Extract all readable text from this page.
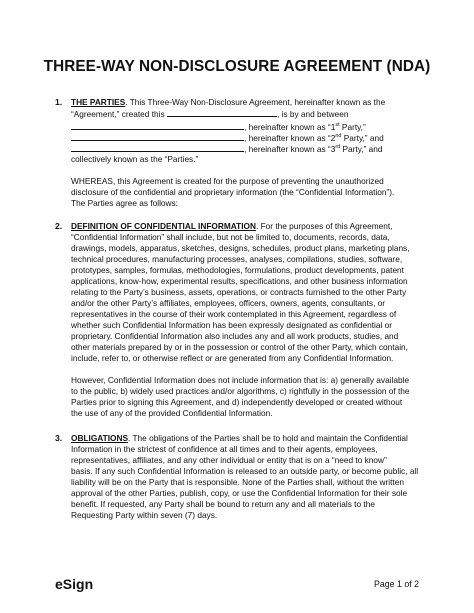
THREE-WAY NON-DISCLOSURE AGREEMENT (NDA)
1. THE PARTIES. This Three-Way Non-Disclosure Agreement, hereinafter known as the
“Agreement,” created this	, is by and between
, hereinafter known as “1st Party,”
, hereinafter known as “2nd Party,” and
, hereinafter known as “3rd Party,” and
collectively known as the “Parties.”
WHEREAS, this Agreement is created for the purpose of preventing the unauthorized
disclosure of the confidential and proprietary information (the “Confidential Information”).
The Parties agree as follows:
2. DEFINITION OF CONFIDENTIAL INFORMATION. For the purposes of this Agreement,
“Confidential Information” shall include, but not be limited to, documents, records, data,
drawings, models, apparatus, sketches, designs, schedules, product plans, marketing plans,
technical procedures, manufacturing processes, analyses, compilations, studies, software,
prototypes, samples, formulas, methodologies, formulations, product developments, patent
applications, know-how, experimental results, specifications, and other business information
relating to the Party’s business, assets, operations, or contracts furnished to the other Party
and/or the other Party’s affiliates, employees, officers, owners, agents, consultants, or
representatives in the course of their work contemplated in this Agreement, regardless of
whether such Confidential Information has been expressly designated as confidential or
proprietary. Confidential Information also includes any and all work products, studies, and
other materials prepared by or in the possession or control of the other Party, which contain,
include, refer to, or otherwise reflect or are generated from any Confidential Information.
However, Confidential Information does not include information that is: a) generally available
to the public, b) widely used practices and/or algorithms, c) rightfully in the possession of the
Parties prior to signing this Agreement, and d) independently developed or created without
the use of any of the provided Confidential Information.
3. OBLIGATIONS. The obligations of the Parties shall be to hold and maintain the Confidential
Information in the strictest of confidence at all times and to their agents, employees,
representatives, affiliates, and any other individual or entity that is on a “need to know”
basis. If any such Confidential Information is released to an outside party, or become public, all
liability will be on the Party that is responsible. None of the Parties shall, without the written
approval of the other Parties, publish, copy, or use the Confidential Information for their sole
benefit. If requested, any Party shall be bound to return any and all materials to the
Requesting Party within seven (7) days.
eSign	Page 1 of 2
